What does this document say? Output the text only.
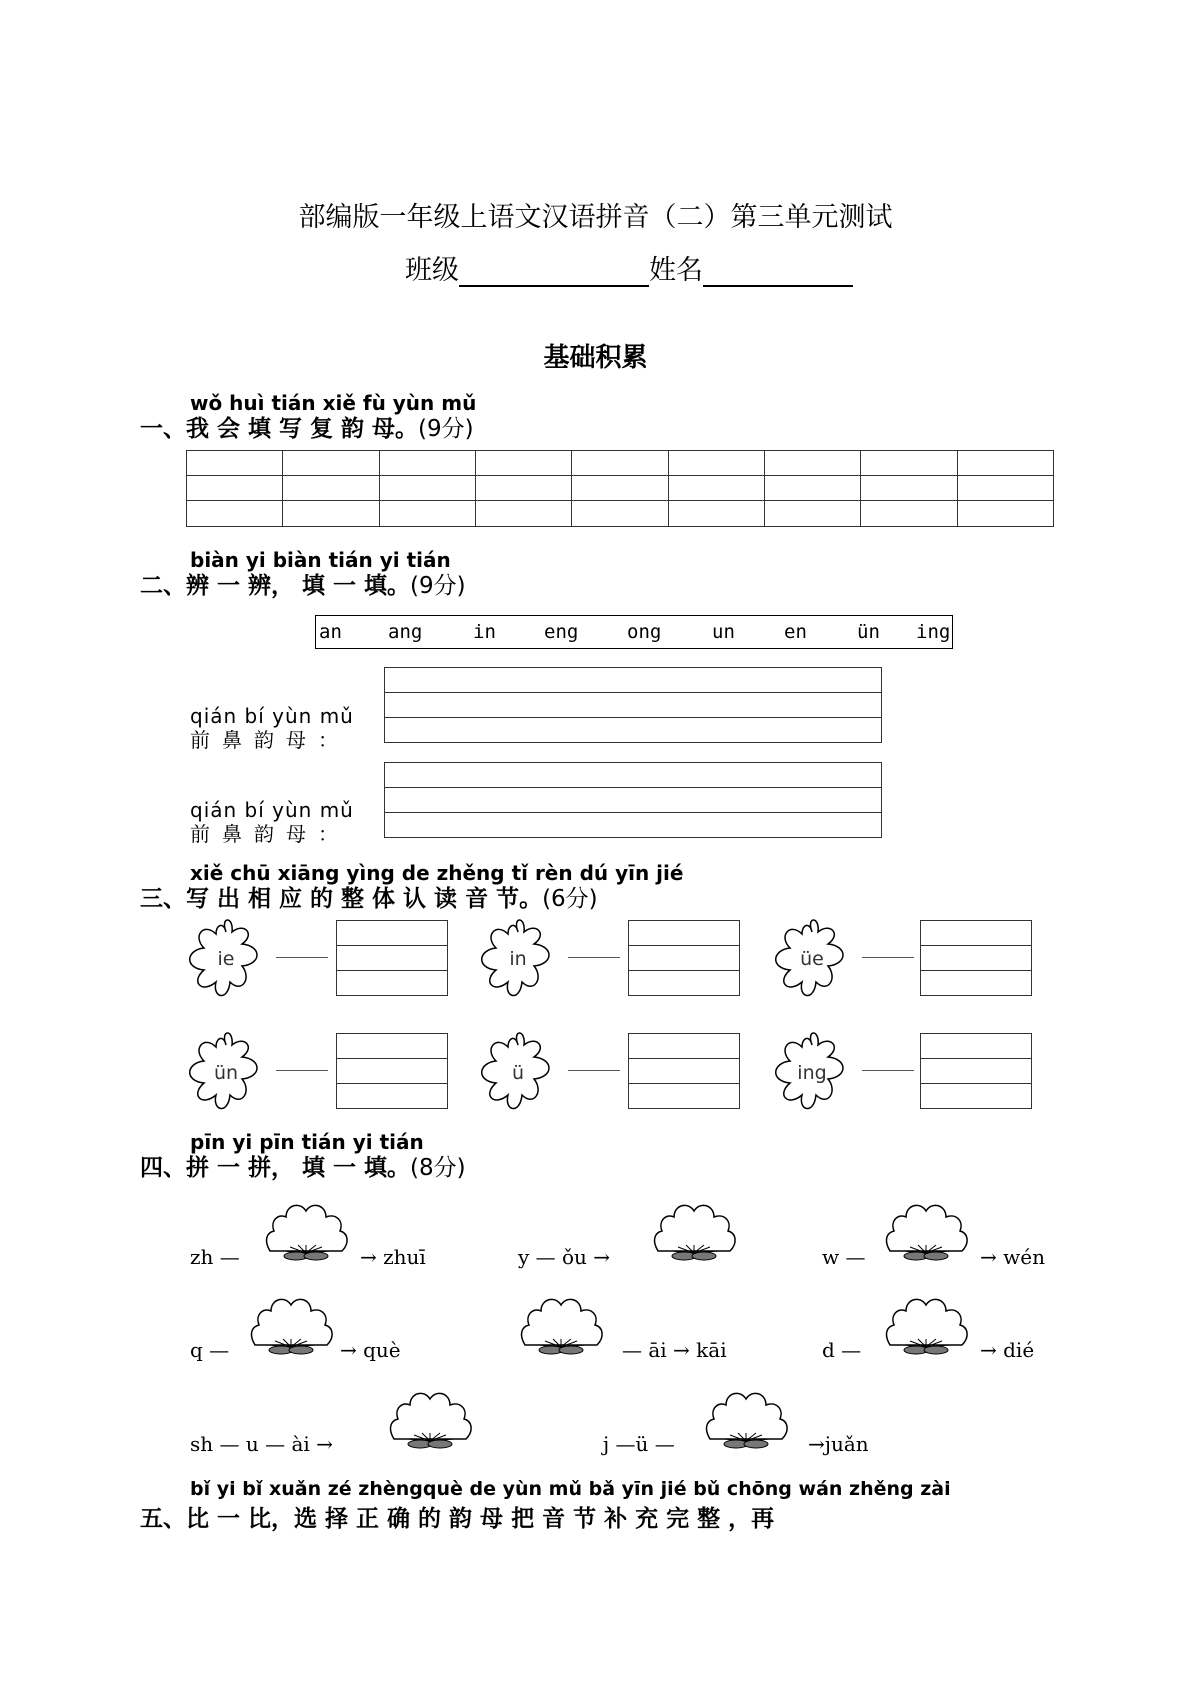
部编版一年级上语文汉语拼音（二）第三单元测试
班级	姓名
基础积累
wǒ huì tián xiě fù yùn mǔ
一、我 会 填 写 复 韵 母。(9分)

biàn yi biàn tián yi tián
二、辨 一 辨， 填 一 填。(9分)
an ang	in	eng	ong	un	en	ün ing
qián bí yùn mǔ
前鼻韵母：
qián bí yùn mǔ
前鼻韵母：
xiě chū xiāng yìng de zhěng tǐ rèn dú yīn jié
三、写 出 相 应 的 整 体 认 读 音 节。(6分)
ie	in	üe
ün	ü	ing
pīn yi pīn tián yi tián
四、拼 一 拼， 填 一 填。(8分)
zh —	→ zhuī	y — ǒu →	w —	→ wén
q —	→ què	— āi → kāi	d —	→ dié
sh — u — ài →	j —ü —	→juǎn
bǐ yi bǐ xuǎn zé zhèngquè de yùn mǔ bǎ yīn jié bǔ chōng wán zhěng zài
五、比 一 比，选 择 正 确 的 韵 母 把 音 节 补 充 完 整 ，再
